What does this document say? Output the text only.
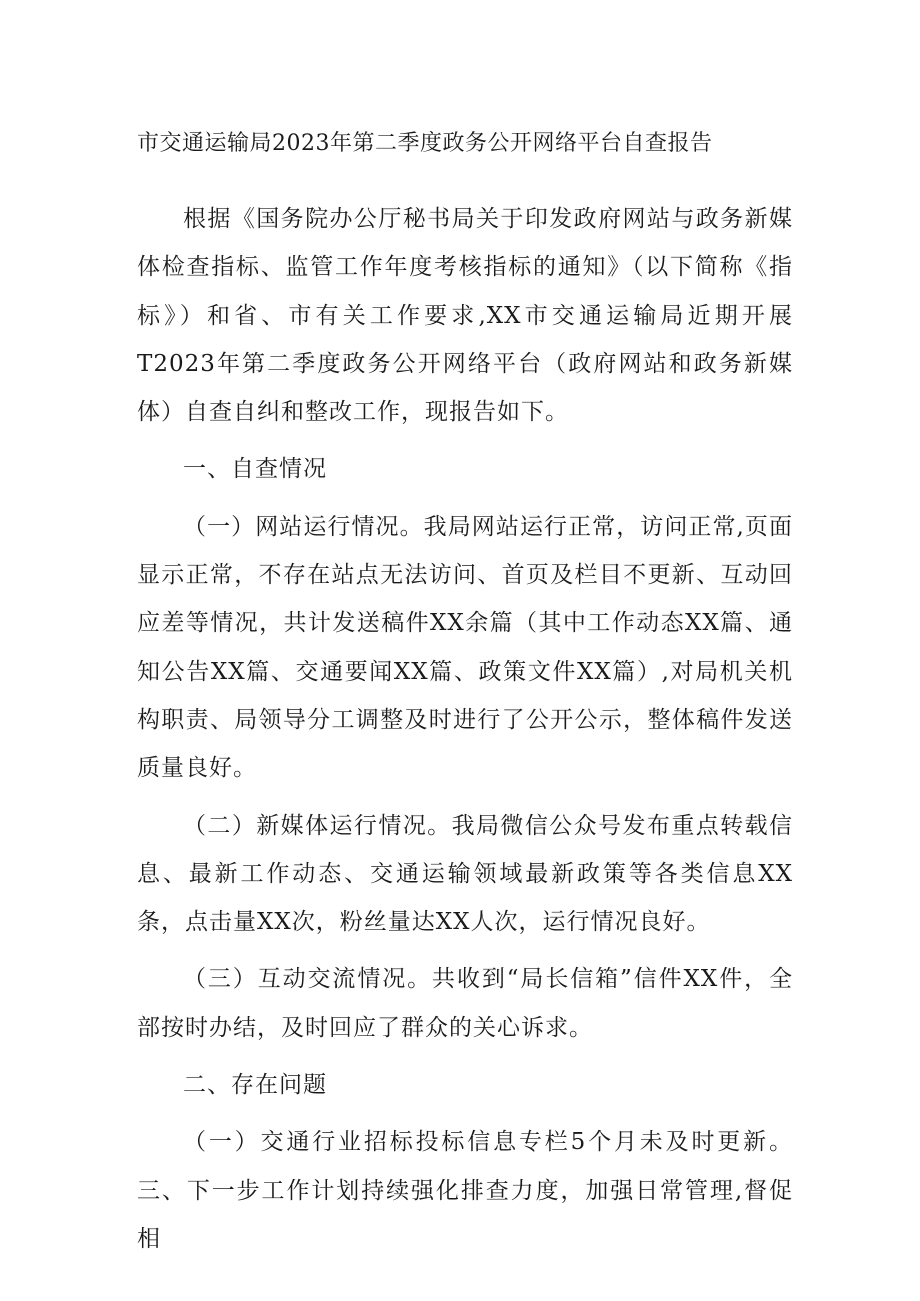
市交通运输局2023年第二季度政务公开网络平台自查报告

根据《国务院办公厅秘书局关于印发政府网站与政务新媒体检查指标、监管工作年度考核指标的通知》（以下简称《指标》）和省、市有关工作要求,XX市交通运输局近期开展T2023年第二季度政务公开网络平台（政府网站和政务新媒体）自查自纠和整改工作，现报告如下。

一、自查情况

（一）网站运行情况。我局网站运行正常，访问正常,页面显示正常，不存在站点无法访问、首页及栏目不更新、互动回应差等情况，共计发送稿件XX余篇（其中工作动态XX篇、通知公告XX篇、交通要闻XX篇、政策文件XX篇）,对局机关机构职责、局领导分工调整及时进行了公开公示，整体稿件发送质量良好。

（二）新媒体运行情况。我局微信公众号发布重点转载信息、最新工作动态、交通运输领域最新政策等各类信息XX条，点击量XX次，粉丝量达XX人次，运行情况良好。

（三）互动交流情况。共收到“局长信箱”信件XX件，全部按时办结，及时回应了群众的关心诉求。

二、存在问题

（一）交通行业招标投标信息专栏5个月未及时更新。三、下一步工作计划持续强化排查力度，加强日常管理,督促相
